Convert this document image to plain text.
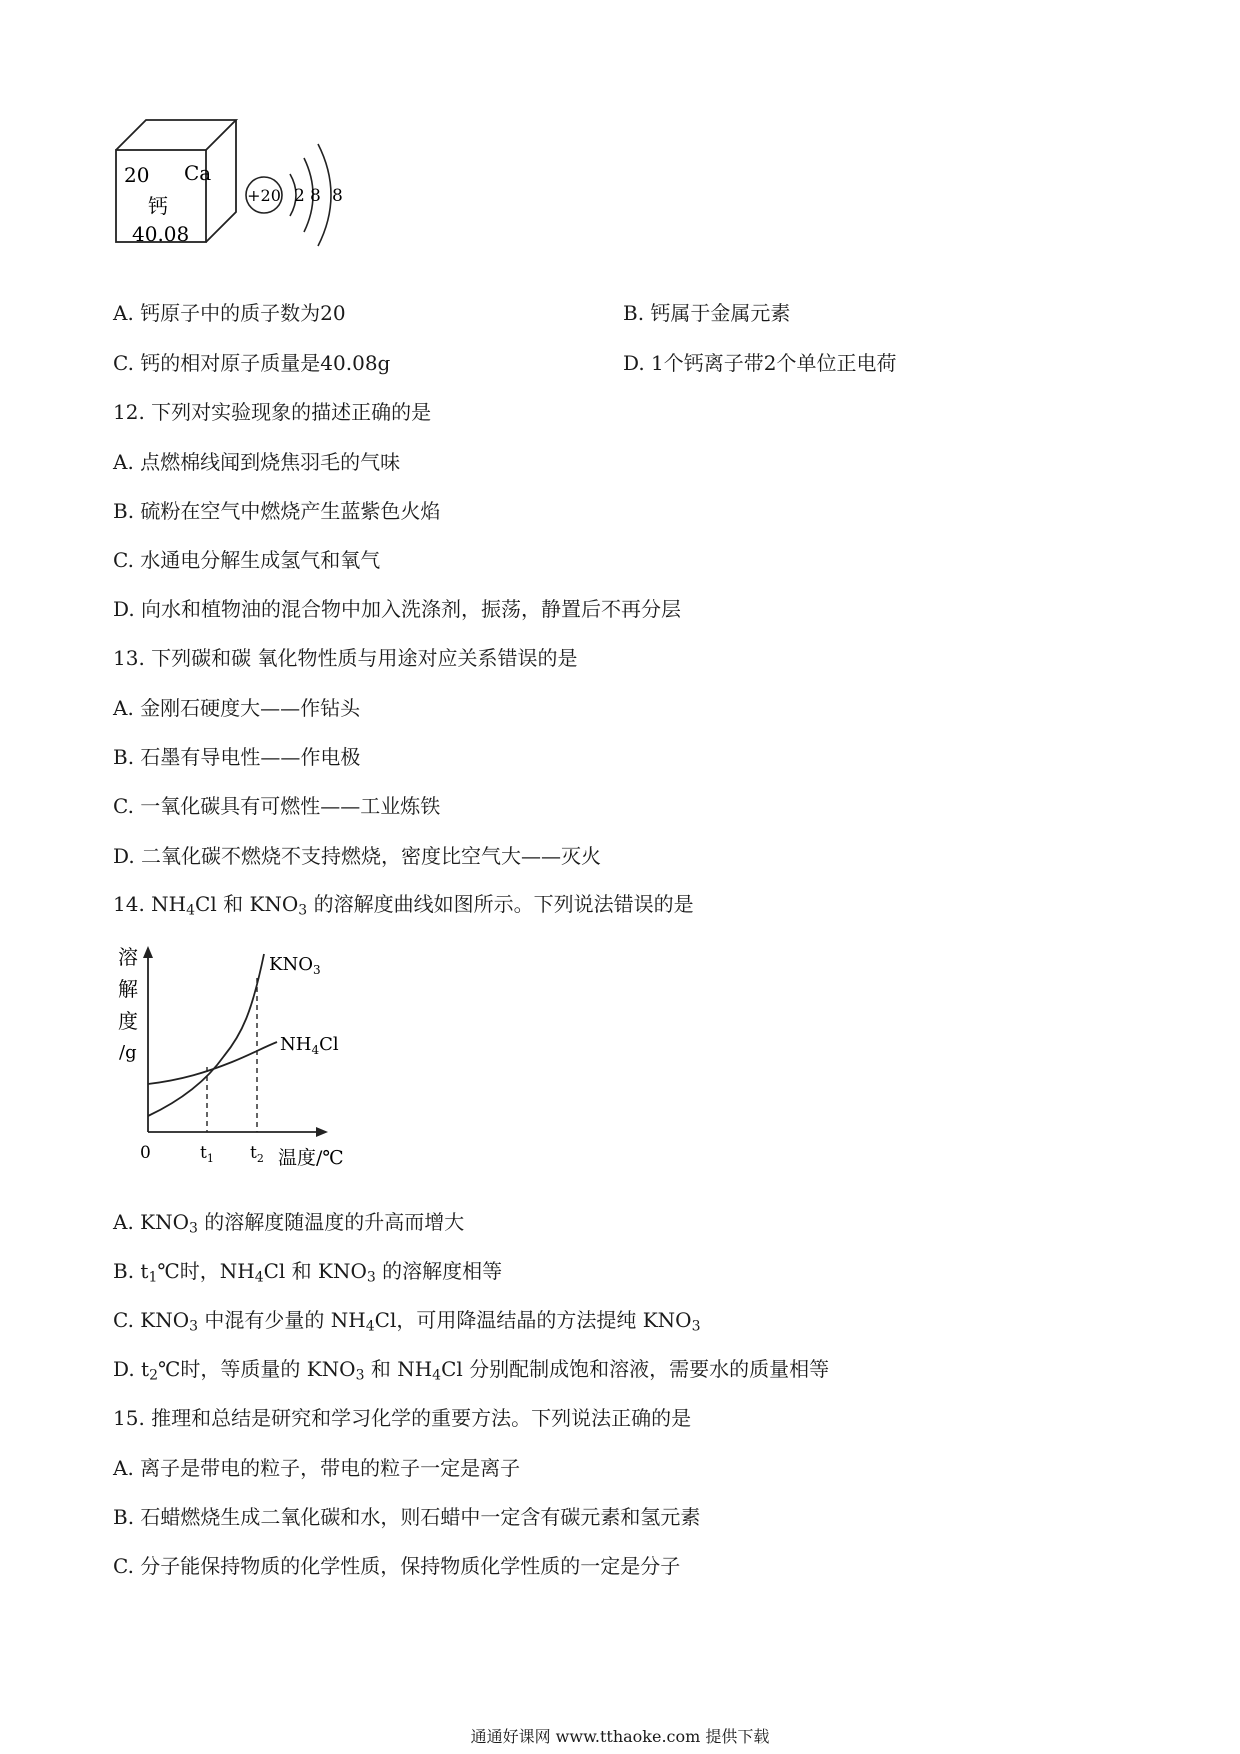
20 Ca
钙
40.08
+20 2 8 8
A. 钙原子中的质子数为20	B. 钙属于金属元素
C. 钙的相对原子质量是40.08g	D. 1个钙离子带2个单位正电荷
12. 下列对实验现象的描述正确的是
A. 点燃棉线闻到烧焦羽毛的气味
B. 硫粉在空气中燃烧产生蓝紫色火焰
C. 水通电分解生成氢气和氧气
D. 向水和植物油的混合物中加入洗涤剂，振荡，静置后不再分层
13. 下列碳和碳 氧化物性质与用途对应关系错误的是
A. 金刚石硬度大——作钻头
B. 石墨有导电性——作电极
C. 一氧化碳具有可燃性——工业炼铁
D. 二氧化碳不燃烧不支持燃烧，密度比空气大——灭火
14. $NH_4Cl$ 和 $KNO_3$ 的溶解度曲线如图所示。下列说法错误的是
溶
解
度
/g
$KNO_3$
$NH_4Cl$
0	$t_1$ $t_2$ 温度/℃
A. $KNO_3$ 的溶解度随温度的升高而增大
B. $t_1℃$时，$NH_4Cl$ 和 $KNO_3$ 的溶解度相等
C. $KNO_3$ 中混有少量的 $NH_4Cl$，可用降温结晶的方法提纯 $KNO_3$
D. $t_2℃$时，等质量的 $KNO_3$ 和 $NH_4Cl$ 分别配制成饱和溶液，需要水的质量相等
15. 推理和总结是研究和学习化学的重要方法。下列说法正确的是
A. 离子是带电的粒子，带电的粒子一定是离子
B. 石蜡燃烧生成二氧化碳和水，则石蜡中一定含有碳元素和氢元素
C. 分子能保持物质的化学性质，保持物质化学性质的一定是分子
通通好课网 www.tthaoke.com 提供下载
